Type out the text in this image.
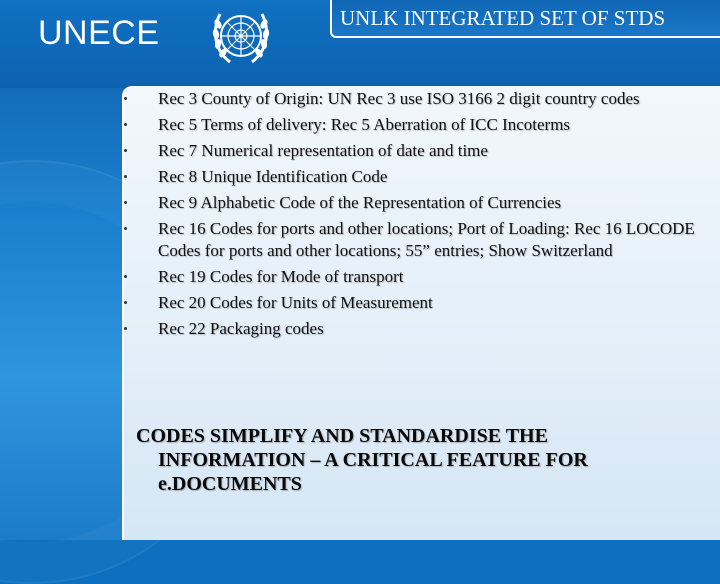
UNECE	UNLK INTEGRATED SET OF STDS
Rec 3 County of Origin: UN Rec 3 use ISO 3166 2 digit country codes
Rec 5 Terms of delivery: Rec 5 Aberration of ICC Incoterms
Rec 7 Numerical representation of date and time
Rec 8 Unique Identification Code
Rec 9 Alphabetic Code of the Representation of Currencies
Rec 16 Codes for ports and other locations; Port of Loading: Rec 16 LOCODE Codes for ports and other locations; 55” entries; Show Switzerland
Rec 19 Codes for Mode of transport
Rec 20 Codes for Units of Measurement
Rec 22 Packaging codes
CODES SIMPLIFY AND STANDARDISE THE
INFORMATION – A CRITICAL FEATURE FOR
e.DOCUMENTS
